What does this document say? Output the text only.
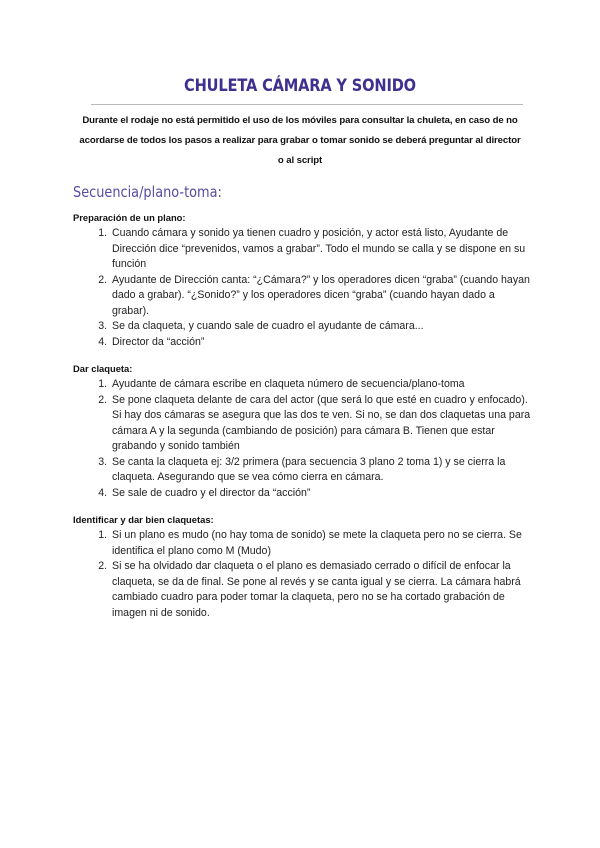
CHULETA CÁMARA Y SONIDO
Durante el rodaje no está permitido el uso de los móviles para consultar la chuleta, en caso de no acordarse de todos los pasos a realizar para grabar o tomar sonido se deberá preguntar al director o al script
Secuencia/plano-toma:
Preparación de un plano:
1. Cuando cámara y sonido ya tienen cuadro y posición, y actor está listo, Ayudante de Dirección dice “prevenidos, vamos a grabar”. Todo el mundo se calla y se dispone en su función
2. Ayudante de Dirección canta: “¿Cámara?” y los operadores dicen “graba” (cuando hayan dado a grabar). “¿Sonido?” y los operadores dicen “graba” (cuando hayan dado a grabar).
3. Se da claqueta, y cuando sale de cuadro el ayudante de cámara...
4. Director da “acción”
Dar claqueta:
1. Ayudante de cámara escribe en claqueta número de secuencia/plano-toma
2. Se pone claqueta delante de cara del actor (que será lo que esté en cuadro y enfocado). Si hay dos cámaras se asegura que las dos te ven. Si no, se dan dos claquetas una para cámara A y la segunda (cambiando de posición) para cámara B. Tienen que estar grabando y sonido también
3. Se canta la claqueta ej: 3/2 primera (para secuencia 3 plano 2 toma 1) y se cierra la claqueta. Asegurando que se vea cómo cierra en cámara.
4. Se sale de cuadro y el director da “acción”
Identificar y dar bien claquetas:
1. Si un plano es mudo (no hay toma de sonido) se mete la claqueta pero no se cierra. Se identifica el plano como M (Mudo)
2. Si se ha olvidado dar claqueta o el plano es demasiado cerrado o difícil de enfocar la claqueta, se da de final. Se pone al revés y se canta igual y se cierra. La cámara habrá cambiado cuadro para poder tomar la claqueta, pero no se ha cortado grabación de imagen ni de sonido.
